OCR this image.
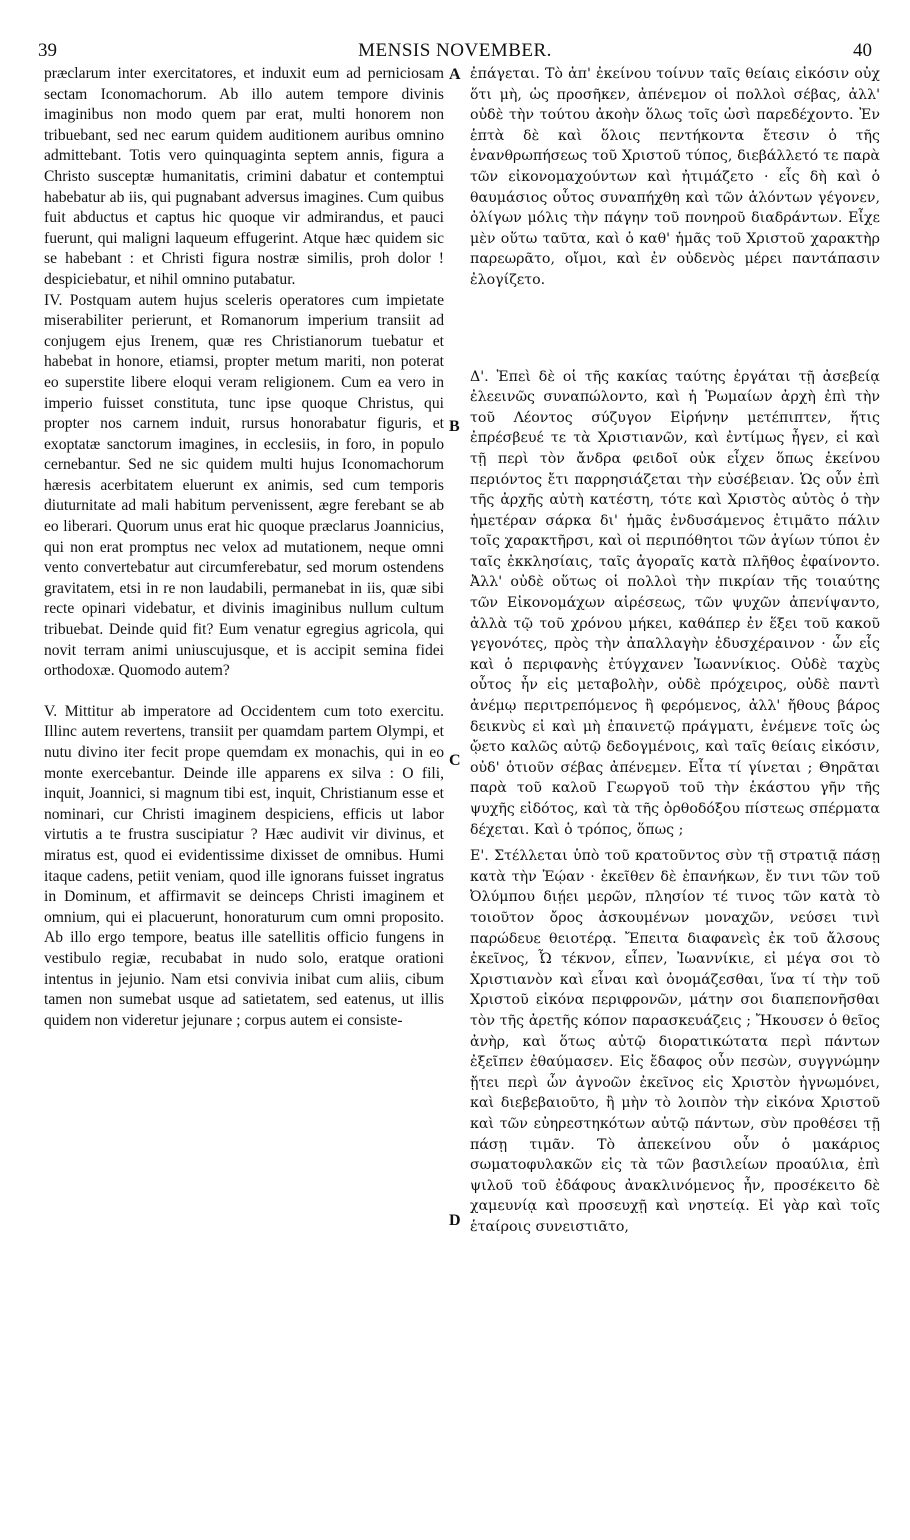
39	MENSIS NOVEMBER.	40

præclarum inter exercitatores, et induxit eum ad perniciosam sectam Iconomachorum. Ab illo autem tempore divinis imaginibus non modo quem par erat, multi honorem non tribuebant, sed nec earum quidem auditionem auribus omnino admittebant. Totis vero quinquaginta septem annis, figura a Christo susceptæ humanitatis, crimini dabatur et contemptui habebatur ab iis, qui pugnabant adversus imagines. Cum quibus fuit abductus et captus hic quoque vir admirandus, et pauci fuerunt, qui maligni laqueum effugerint. Atque hæc quidem sic se habebant : et Christi figura nostræ similis, proh dolor ! despiciebatur, et nihil omnino putabatur.

IV. Postquam autem hujus sceleris operatores cum impietate miserabiliter perierunt, et Romanorum imperium transiit ad conjugem ejus Irenem, quæ res Christianorum tuebatur et habebat in honore, etiamsi, propter metum mariti, non poterat eo superstite libere eloqui veram religionem. Cum ea vero in imperio fuisset constituta, tunc ipse quoque Christus, qui propter nos carnem induit, rursus honorabatur figuris, et exoptatæ sanctorum imagines, in ecclesiis, in foro, in populo cernebantur. Sed ne sic quidem multi hujus Iconomachorum hæresis acerbitatem eluerunt ex animis, sed cum temporis diuturnitate ad mali habitum pervenissent, ægre ferebant se ab eo liberari. Quorum unus erat hic quoque præclarus Joannicius, qui non erat promptus nec velox ad mutationem, neque omni vento convertebatur aut circumferebatur, sed morum ostendens gravitatem, etsi in re non laudabili, permanebat in iis, quæ sibi recte opinari videbatur, et divinis imaginibus nullum cultum tribuebat. Deinde quid fit? Eum venatur egregius agricola, qui novit terram animi uniuscujusque, et is accipit semina fidei orthodoxæ. Quomodo autem?

V. Mittitur ab imperatore ad Occidentem cum toto exercitu. Illinc autem revertens, transiit per quamdam partem Olympi, et nutu divino iter fecit prope quemdam ex monachis, qui in eo monte exercebantur. Deinde ille apparens ex silva : O fili, inquit, Joannici, si magnum tibi est, inquit, Christianum esse et nominari, cur Christi imaginem despiciens, efficis ut labor virtutis a te frustra suscipiatur ? Hæc audivit vir divinus, et miratus est, quod ei evidentissime dixisset de omnibus. Humi itaque cadens, petiit veniam, quod ille ignorans fuisset ingratus in Dominum, et affirmavit se deinceps Christi imaginem et omnium, qui ei placuerunt, honoraturum cum omni proposito. Ab illo ergo tempore, beatus ille satellitis officio fungens in vestibulo regiæ, recubabat in nudo solo, eratque orationi intentus in jejunio. Nam etsi convivia inibat cum aliis, cibum tamen non sumebat usque ad satietatem, sed eatenus, ut illis quidem non videretur jejunare ; corpus autem ei consiste-

A
B
C
D

ἐπάγεται. Τὸ ἀπ' ἐκείνου τοίνυν ταῖς θείαις εἰκόσιν οὐχ ὅτι μὴ, ὡς προσῆκεν, ἀπένεμον οἱ πολλοὶ σέβας, ἀλλ' οὐδὲ τὴν τούτου ἀκοὴν ὅλως τοῖς ὠσὶ παρεδέχοντο. Ἐν ἑπτὰ δὲ καὶ ὅλοις πεντήκοντα ἔτεσιν ὁ τῆς ἐνανθρωπήσεως τοῦ Χριστοῦ τύπος, διεβάλλετό τε παρὰ τῶν εἰκονομαχούντων καὶ ἠτιμάζετο · εἷς δὴ καὶ ὁ θαυμάσιος οὗτος συναπήχθη καὶ τῶν ἁλόντων γέγονεν, ὀλίγων μόλις τὴν πάγην τοῦ πονηροῦ διαδράντων. Εἶχε μὲν οὕτω ταῦτα, καὶ ὁ καθ' ἡμᾶς τοῦ Χριστοῦ χαρακτὴρ παρεωρᾶτο, οἴμοι, καὶ ἐν οὐδενὸς μέρει παντάπασιν ἐλογίζετο.

Δ'. Ἐπεὶ δὲ οἱ τῆς κακίας ταύτης ἐργάται τῇ ἀσεβείᾳ ἐλεεινῶς συναπώλοντο, καὶ ἡ Ῥωμαίων ἀρχὴ ἐπὶ τὴν τοῦ Λέοντος σύζυγον Εἰρήνην μετέπιπτεν, ἥτις ἐπρέσβευέ τε τὰ Χριστιανῶν, καὶ ἐντίμως ἦγεν, εἰ καὶ τῇ περὶ τὸν ἄνδρα φειδοῖ οὐκ εἶχεν ὅπως ἐκείνου περιόντος ἔτι παρρησιάζεται τὴν εὐσέβειαν. Ὡς οὖν ἐπὶ τῆς ἀρχῆς αὐτὴ κατέστη, τότε καὶ Χριστὸς αὐτὸς ὁ τὴν ἡμετέραν σάρκα δι' ἡμᾶς ἐνδυσάμενος ἐτιμᾶτο πάλιν τοῖς χαρακτῆρσι, καὶ οἱ περιπόθητοι τῶν ἁγίων τύποι ἐν ταῖς ἐκκλησίαις, ταῖς ἀγοραῖς κατὰ πλῆθος ἐφαίνοντο. Ἀλλ' οὐδὲ οὕτως οἱ πολλοὶ τὴν πικρίαν τῆς τοιαύτης τῶν Εἰκονομάχων αἱρέσεως, τῶν ψυχῶν ἀπενίψαντο, ἀλλὰ τῷ τοῦ χρόνου μήκει, καθάπερ ἐν ἕξει τοῦ κακοῦ γεγονότες, πρὸς τὴν ἀπαλλαγὴν ἐδυσχέραινον · ὧν εἷς καὶ ὁ περιφανὴς ἐτύγχανεν Ἰωαννίκιος. Οὐδὲ ταχὺς οὗτος ἦν εἰς μεταβολὴν, οὐδὲ πρόχειρος, οὐδὲ παντὶ ἀνέμῳ περιτρεπόμενος ἢ φερόμενος, ἀλλ' ἤθους βάρος δεικνὺς εἰ καὶ μὴ ἐπαινετῷ πράγματι, ἐνέμενε τοῖς ὡς ᾤετο καλῶς αὐτῷ δεδογμένοις, καὶ ταῖς θείαις εἰκόσιν, οὐδ' ὁτιοῦν σέβας ἀπένεμεν. Εἶτα τί γίνεται ; Θηρᾶται παρὰ τοῦ καλοῦ Γεωργοῦ τοῦ τὴν ἑκάστου γῆν τῆς ψυχῆς εἰδότος, καὶ τὰ τῆς ὀρθοδόξου πίστεως σπέρματα δέχεται. Καὶ ὁ τρόπος, ὅπως ;

Ε'. Στέλλεται ὑπὸ τοῦ κρατοῦντος σὺν τῇ στρατιᾷ πάσῃ κατὰ τὴν Ἑῴαν · ἐκεῖθεν δὲ ἐπανήκων, ἔν τινι τῶν τοῦ Ὀλύμπου διῄει μερῶν, πλησίον τέ τινος τῶν κατὰ τὸ τοιοῦτον ὄρος ἀσκουμένων μοναχῶν, νεύσει τινὶ παρώδευε θειοτέρᾳ. Ἔπειτα διαφανεὶς ἐκ τοῦ ἄλσους ἐκεῖνος, Ὦ τέκνον, εἶπεν, Ἰωαννίκιε, εἰ μέγα σοι τὸ Χριστιανὸν καὶ εἶναι καὶ ὀνομάζεσθαι, ἵνα τί τὴν τοῦ Χριστοῦ εἰκόνα περιφρονῶν, μάτην σοι διαπεπονῆσθαι τὸν τῆς ἀρετῆς κόπον παρασκευάζεις ; Ἤκουσεν ὁ θεῖος ἀνὴρ, καὶ ὅτως αὐτῷ διορατικώτατα περὶ πάντων ἐξεῖπεν ἐθαύμασεν. Εἰς ἔδαφος οὖν πεσὼν, συγγνώμην ᾔτει περὶ ὧν ἀγνοῶν ἐκεῖνος εἰς Χριστὸν ἠγνωμόνει, καὶ διεβεβαιοῦτο, ἢ μὴν τὸ λοιπὸν τὴν εἰκόνα Χριστοῦ καὶ τῶν εὐηρεστηκότων αὐτῷ πάντων, σὺν προθέσει τῇ πάσῃ τιμᾶν. Τὸ ἀπεκείνου οὖν ὁ μακάριος σωματοφυλακῶν εἰς τὰ τῶν βασιλείων προαύλια, ἐπὶ ψιλοῦ τοῦ ἐδάφους ἀνακλινόμενος ἦν, προσέκειτο δὲ χαμευνίᾳ καὶ προσευχῇ καὶ νηστείᾳ. Εἰ γὰρ καὶ τοῖς ἑταίροις συνειστιᾶτο,
